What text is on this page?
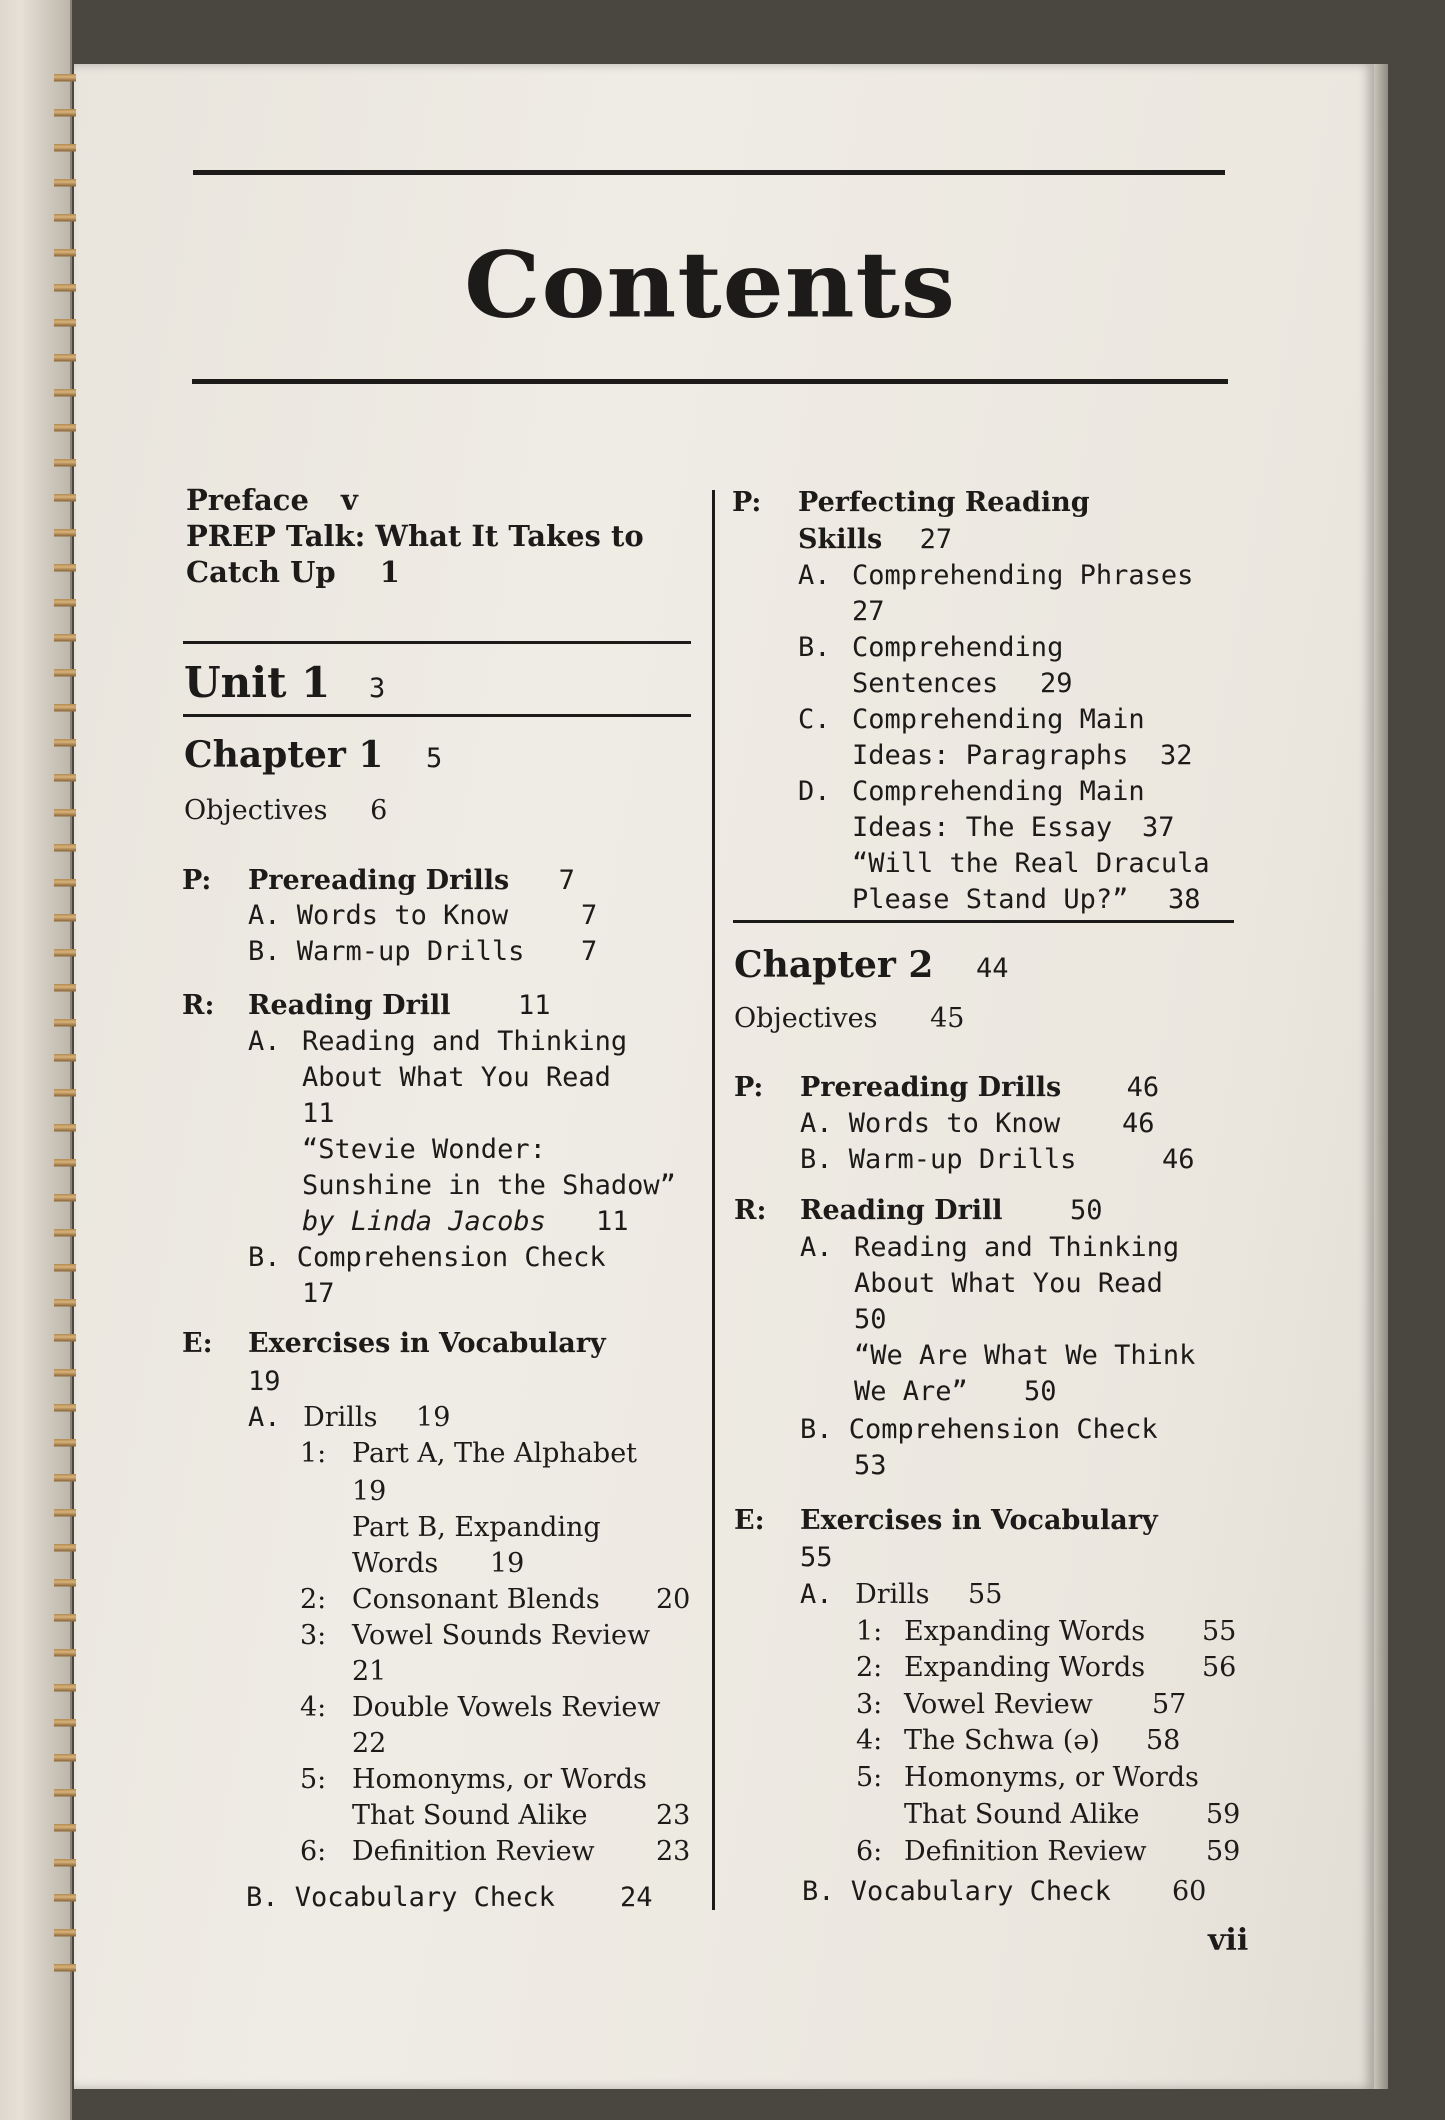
Contents
Preface v
PREP Talk: What It Takes to
Catch Up 1
Unit 1 3
Chapter 1 5
Objectives 6
P: Prereading Drills 7
A. Words to Know	7
B. Warm-up Drills 7
R: Reading Drill 11
A. Reading and Thinking
About What You Read
11
“Stevie Wonder:
Sunshine in the Shadow”
by Linda Jacobs 11
B. Comprehension Check
17
E: Exercises in Vocabulary
19
A. Drills 19
1: Part A, The Alphabet
19
Part B, Expanding
Words 19
2: Consonant Blends 20
3: Vowel Sounds Review
21
4: Double Vowels Review
22
5: Homonyms, or Words
That Sound Alike	23
6: Definition Review 23
B. Vocabulary Check 24
P: Perfecting Reading
Skills 27
A. Comprehending Phrases
27
B. Comprehending
Sentences 29
C. Comprehending Main
Ideas: Paragraphs 32
D. Comprehending Main
Ideas: The Essay 37
“Will the Real Dracula
Please Stand Up?” 38
Chapter 2 44
Objectives 45
P: Prereading Drills 46
A. Words to Know 46
B. Warm-up Drills	46
R: Reading Drill 50
A. Reading and Thinking
About What You Read
50
“We Are What We Think
We Are” 50
B. Comprehension Check
53
E: Exercises in Vocabulary
55
A. Drills 55
1: Expanding Words 55
2: Expanding Words 56
3: Vowel Review 57
4: The Schwa (ə) 58
5: Homonyms, or Words
That Sound Alike 59
6: Definition Review 59
B. Vocabulary Check 60
vii
